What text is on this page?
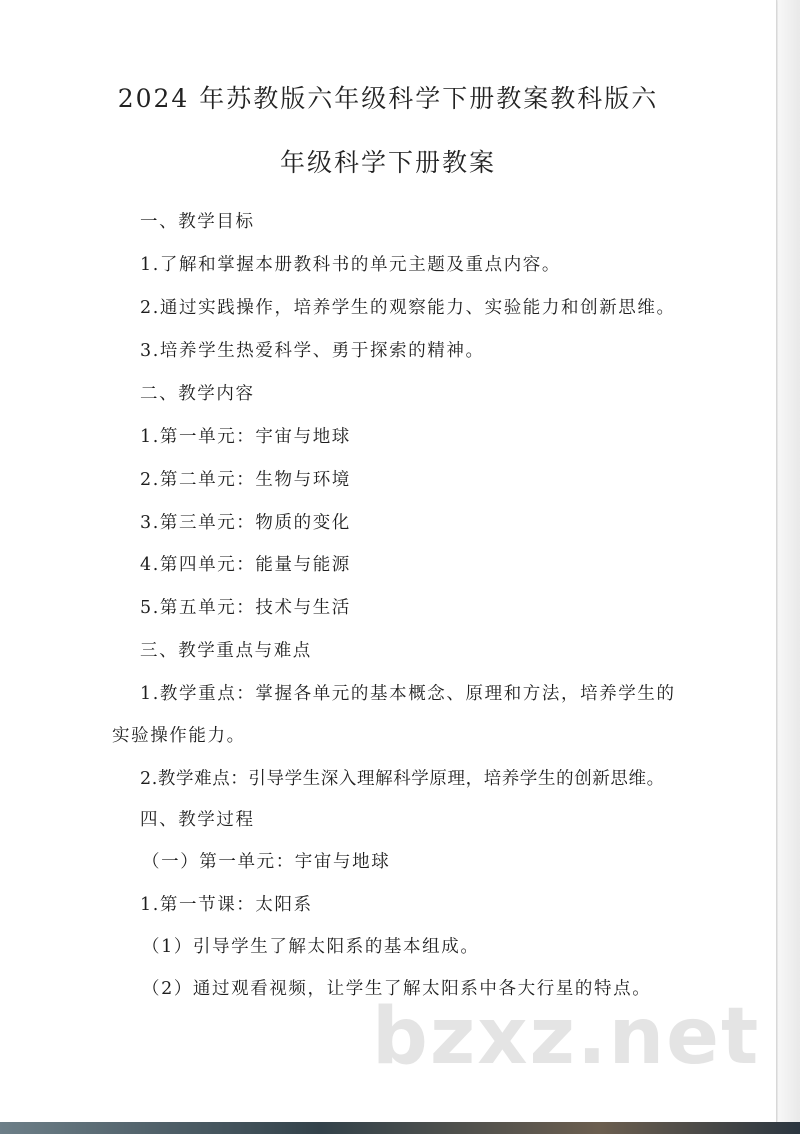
2024 年苏教版六年级科学下册教案教科版六
年级科学下册教案
一、教学目标
1.了解和掌握本册教科书的单元主题及重点内容。
2.通过实践操作，培养学生的观察能力、实验能力和创新思维。
3.培养学生热爱科学、勇于探索的精神。
二、教学内容
1.第一单元：宇宙与地球
2.第二单元：生物与环境
3.第三单元：物质的变化
4.第四单元：能量与能源
5.第五单元：技术与生活
三、教学重点与难点
1.教学重点：掌握各单元的基本概念、原理和方法，培养学生的
实验操作能力。
2.教学难点：引导学生深入理解科学原理，培养学生的创新思维。
四、教学过程
（一）第一单元：宇宙与地球
1.第一节课：太阳系
（1）引导学生了解太阳系的基本组成。
（2）通过观看视频，让学生了解太阳系中各大行星的特点。
bzxz.net
